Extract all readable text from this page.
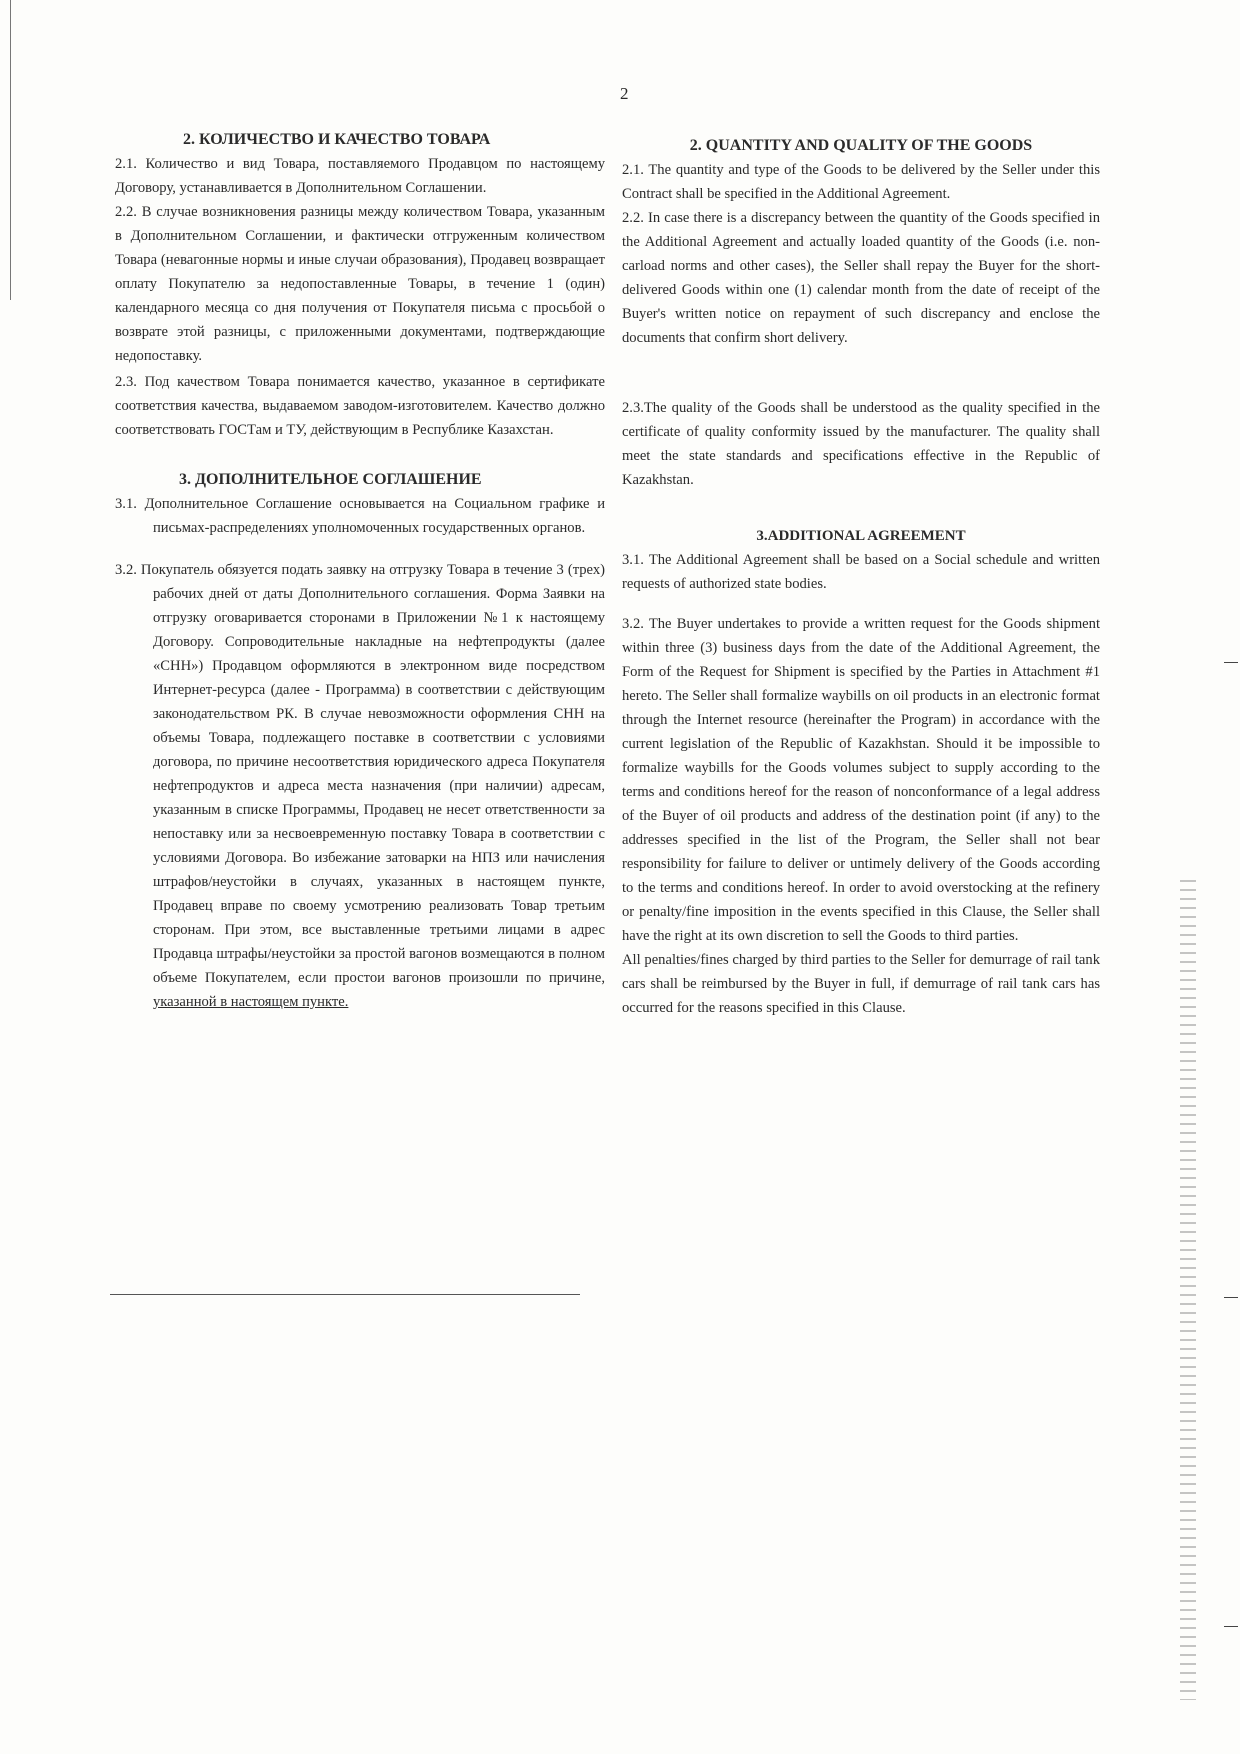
2
2. КОЛИЧЕСТВО И КАЧЕСТВО ТОВАРА

2.1. Количество и вид Товара, поставляемого Продавцом по настоящему Договору, устанавливается в Дополнительном Соглашении.

2.2. В случае возникновения разницы между количеством Товара, указанным в Дополнительном Соглашении, и фактически отгруженным количеством Товара (невагонные нормы и иные случаи образования), Продавец возвращает оплату Покупателю за недопоставленные Товары, в течение 1 (один) календарного месяца со дня получения от Покупателя письма с просьбой о возврате этой разницы, с приложенными документами, подтверждающие недопоставку.

2.3. Под качеством Товара понимается качество, указанное в сертификате соответствия качества, выдаваемом заводом-изготовителем. Качество должно соответствовать ГОСТам и ТУ, действующим в Республике Казахстан.

3. ДОПОЛНИТЕЛЬНОЕ СОГЛАШЕНИЕ

3.1. Дополнительное Соглашение основывается на Социальном графике и письмах-распределениях уполномоченных государственных органов.

3.2. Покупатель обязуется подать заявку на отгрузку Товара в течение 3 (трех) рабочих дней от даты Дополнительного соглашения. Форма Заявки на отгрузку оговаривается сторонами в Приложении №1 к настоящему Договору. Сопроводительные накладные на нефтепродукты (далее «СНН») Продавцом оформляются в электронном виде посредством Интернет-ресурса (далее - Программа) в соответствии с действующим законодательством РК. В случае невозможности оформления СНН на объемы Товара, подлежащего поставке в соответствии с условиями договора, по причине несоответствия юридического адреса Покупателя нефтепродуктов и адреса места назначения (при наличии) адресам, указанным в списке Программы, Продавец не несет ответственности за непоставку или за несвоевременную поставку Товара в соответствии с условиями Договора. Во избежание затоварки на НПЗ или начисления штрафов/неустойки в случаях, указанных в настоящем пункте, Продавец вправе по своему усмотрению реализовать Товар третьим сторонам. При этом, все выставленные третьими лицами в адрес Продавца штрафы/неустойки за простой вагонов возмещаются в полном объеме Покупателем, если простои вагонов произошли по причине, указанной в настоящем пункте.

2. QUANTITY AND QUALITY OF THE GOODS

2.1. The quantity and type of the Goods to be delivered by the Seller under this Contract shall be specified in the Additional Agreement.

2.2. In case there is a discrepancy between the quantity of the Goods specified in the Additional Agreement and actually loaded quantity of the Goods (i.e. non-carload norms and other cases), the Seller shall repay the Buyer for the short-delivered Goods within one (1) calendar month from the date of receipt of the Buyer's written notice on repayment of such discrepancy and enclose the documents that confirm short delivery.

2.3.The quality of the Goods shall be understood as the quality specified in the certificate of quality conformity issued by the manufacturer. The quality shall meet the state standards and specifications effective in the Republic of Kazakhstan.

3.ADDITIONAL AGREEMENT

3.1. The Additional Agreement shall be based on a Social schedule and written requests of authorized state bodies.

3.2. The Buyer undertakes to provide a written request for the Goods shipment within three (3) business days from the date of the Additional Agreement, the Form of the Request for Shipment is specified by the Parties in Attachment #1 hereto. The Seller shall formalize waybills on oil products in an electronic format through the Internet resource (hereinafter the Program) in accordance with the current legislation of the Republic of Kazakhstan. Should it be impossible to formalize waybills for the Goods volumes subject to supply according to the terms and conditions hereof for the reason of nonconformance of a legal address of the Buyer of oil products and address of the destination point (if any) to the addresses specified in the list of the Program, the Seller shall not bear responsibility for failure to deliver or untimely delivery of the Goods according to the terms and conditions hereof. In order to avoid overstocking at the refinery or penalty/fine imposition in the events specified in this Clause, the Seller shall have the right at its own discretion to sell the Goods to third parties.

All penalties/fines charged by third parties to the Seller for demurrage of rail tank cars shall be reimbursed by the Buyer in full, if demurrage of rail tank cars has occurred for the reasons specified in this Clause.
